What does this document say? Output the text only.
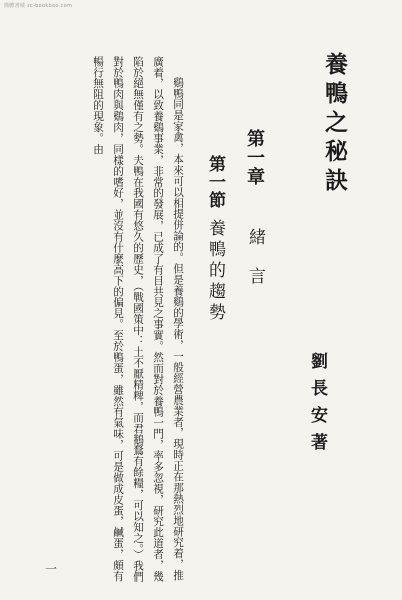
簡體書城 zc-bookbao.com
養鴨之秘訣
劉長安著
第一章
緒言
第一節養鴨的趨勢

鷄鴨同是家禽，本來可以相提併論的。但是養鷄的學術，一般經營農業者，現時正在那熱烈地研究着，推廣着，以致養鷄事業，非常的發展，已成了有目共見之事實。然而對於養鴨一門，率多忽視，研究此道者，幾陷於絕無僅有之勢。夫鴨在我國有悠久的歷史，（戰國策中：土不厭精粺，而君鵝鶩有餘糧，可以知之。）我們對於鴨肉與鷄肉，同樣的嗜好，並沒有什麼高下的偏見。至於鴨蛋，雖然有氣味，可是做成皮蛋，鹹蛋，頗有暢行無阻的現象。由

一
